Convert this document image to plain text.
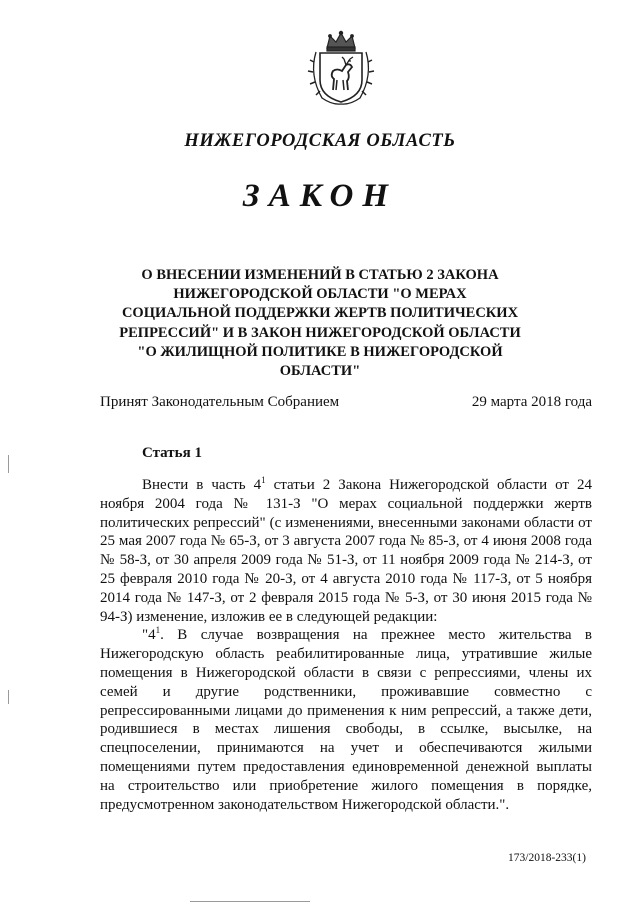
НИЖЕГОРОДСКАЯ ОБЛАСТЬ
ЗАКОН
О ВНЕСЕНИИ ИЗМЕНЕНИЙ В СТАТЬЮ 2 ЗАКОНА НИЖЕГОРОДСКОЙ ОБЛАСТИ "О МЕРАХ СОЦИАЛЬНОЙ ПОДДЕРЖКИ ЖЕРТВ ПОЛИТИЧЕСКИХ РЕПРЕССИЙ" И В ЗАКОН НИЖЕГОРОДСКОЙ ОБЛАСТИ "О ЖИЛИЩНОЙ ПОЛИТИКЕ В НИЖЕГОРОДСКОЙ ОБЛАСТИ"
Принят Законодательным Собранием	29 марта 2018 года
Статья 1

Внести в часть $4^1$ статьи 2 Закона Нижегородской области от 24 ноября 2004 года № 131-З "О мерах социальной поддержки жертв политических репрессий" (с изменениями, внесенными законами области от 25 мая 2007 года № 65-З, от 3 августа 2007 года № 85-З, от 4 июня 2008 года № 58-З, от 30 апреля 2009 года № 51-З, от 11 ноября 2009 года № 214-З, от 25 февраля 2010 года № 20-З, от 4 августа 2010 года № 117-З, от 5 ноября 2014 года № 147-З, от 2 февраля 2015 года № 5-З, от 30 июня 2015 года № 94-З) изменение, изложив ее в следующей редакции:

"$4^1$. В случае возвращения на прежнее место жительства в Нижегородскую область реабилитированные лица, утратившие жилые помещения в Нижегородской области в связи с репрессиями, члены их семей и другие родственники, проживавшие совместно с репрессированными лицами до применения к ним репрессий, а также дети, родившиеся в местах лишения свободы, в ссылке, высылке, на спецпоселении, принимаются на учет и обеспечиваются жилыми помещениями путем предоставления единовременной денежной выплаты на строительство или приобретение жилого помещения в порядке, предусмотренном законодательством Нижегородской области.".

173/2018-233(1)
